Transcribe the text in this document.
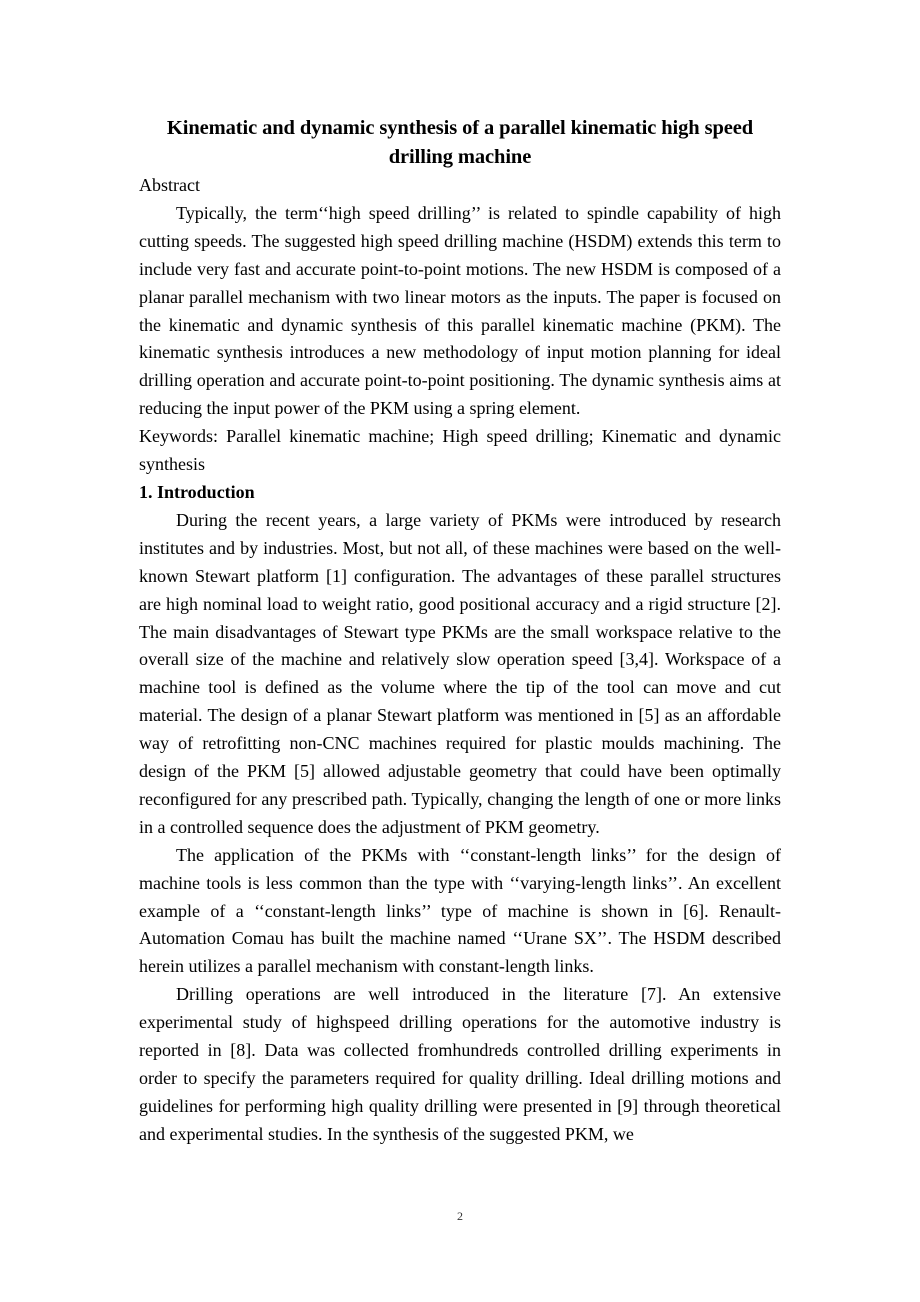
Kinematic and dynamic synthesis of a parallel kinematic high speed drilling machine

Abstract

Typically, the term‘‘high speed drilling’’ is related to spindle capability of high cutting speeds. The suggested high speed drilling machine (HSDM) extends this term to include very fast and accurate point-to-point motions. The new HSDM is composed of a planar parallel mechanism with two linear motors as the inputs. The paper is focused on the kinematic and dynamic synthesis of this parallel kinematic machine (PKM). The kinematic synthesis introduces a new methodology of input motion planning for ideal drilling operation and accurate point-to-point positioning. The dynamic synthesis aims at reducing the input power of the PKM using a spring element.

Keywords: Parallel kinematic machine; High speed drilling; Kinematic and dynamic synthesis

1. Introduction

During the recent years, a large variety of PKMs were introduced by research institutes and by industries. Most, but not all, of these machines were based on the well-known Stewart platform [1] configuration. The advantages of these parallel structures are high nominal load to weight ratio, good positional accuracy and a rigid structure [2]. The main disadvantages of Stewart type PKMs are the small workspace relative to the overall size of the machine and relatively slow operation speed [3,4]. Workspace of a machine tool is defined as the volume where the tip of the tool can move and cut material. The design of a planar Stewart platform was mentioned in [5] as an affordable way of retrofitting non-CNC machines required for plastic moulds machining. The design of the PKM [5] allowed adjustable geometry that could have been optimally reconfigured for any prescribed path. Typically, changing the length of one or more links in a controlled sequence does the adjustment of PKM geometry.

The application of the PKMs with ‘‘constant-length links’’ for the design of machine tools is less common than the type with ‘‘varying-length links’’. An excellent example of a ‘‘constant-length links’’ type of machine is shown in [6]. Renault-Automation Comau has built the machine named ‘‘Urane SX’’. The HSDM described herein utilizes a parallel mechanism with constant-length links.

Drilling operations are well introduced in the literature [7]. An extensive experimental study of highspeed drilling operations for the automotive industry is reported in [8]. Data was collected fromhundreds controlled drilling experiments in order to specify the parameters required for quality drilling. Ideal drilling motions and guidelines for performing high quality drilling were presented in [9] through theoretical and experimental studies. In the synthesis of the suggested PKM, we

2
